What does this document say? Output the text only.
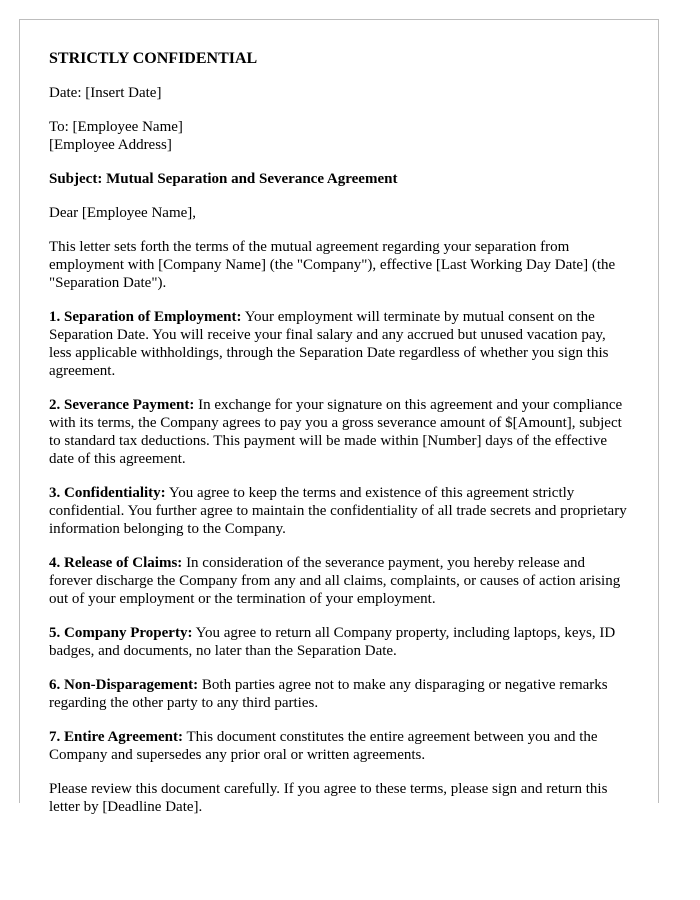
STRICTLY CONFIDENTIAL

Date: [Insert Date]

To: [Employee Name]
[Employee Address]

Subject: Mutual Separation and Severance Agreement

Dear [Employee Name],

This letter sets forth the terms of the mutual agreement regarding your separation from employment with [Company Name] (the "Company"), effective [Last Working Day Date] (the "Separation Date").

1. Separation of Employment: Your employment will terminate by mutual consent on the Separation Date. You will receive your final salary and any accrued but unused vacation pay, less applicable withholdings, through the Separation Date regardless of whether you sign this agreement.

2. Severance Payment: In exchange for your signature on this agreement and your compliance with its terms, the Company agrees to pay you a gross severance amount of $[Amount], subject to standard tax deductions. This payment will be made within [Number] days of the effective date of this agreement.

3. Confidentiality: You agree to keep the terms and existence of this agreement strictly confidential. You further agree to maintain the confidentiality of all trade secrets and proprietary information belonging to the Company.

4. Release of Claims: In consideration of the severance payment, you hereby release and forever discharge the Company from any and all claims, complaints, or causes of action arising out of your employment or the termination of your employment.

5. Company Property: You agree to return all Company property, including laptops, keys, ID badges, and documents, no later than the Separation Date.

6. Non-Disparagement: Both parties agree not to make any disparaging or negative remarks regarding the other party to any third parties.

7. Entire Agreement: This document constitutes the entire agreement between you and the Company and supersedes any prior oral or written agreements.

Please review this document carefully. If you agree to these terms, please sign and return this letter by [Deadline Date].
